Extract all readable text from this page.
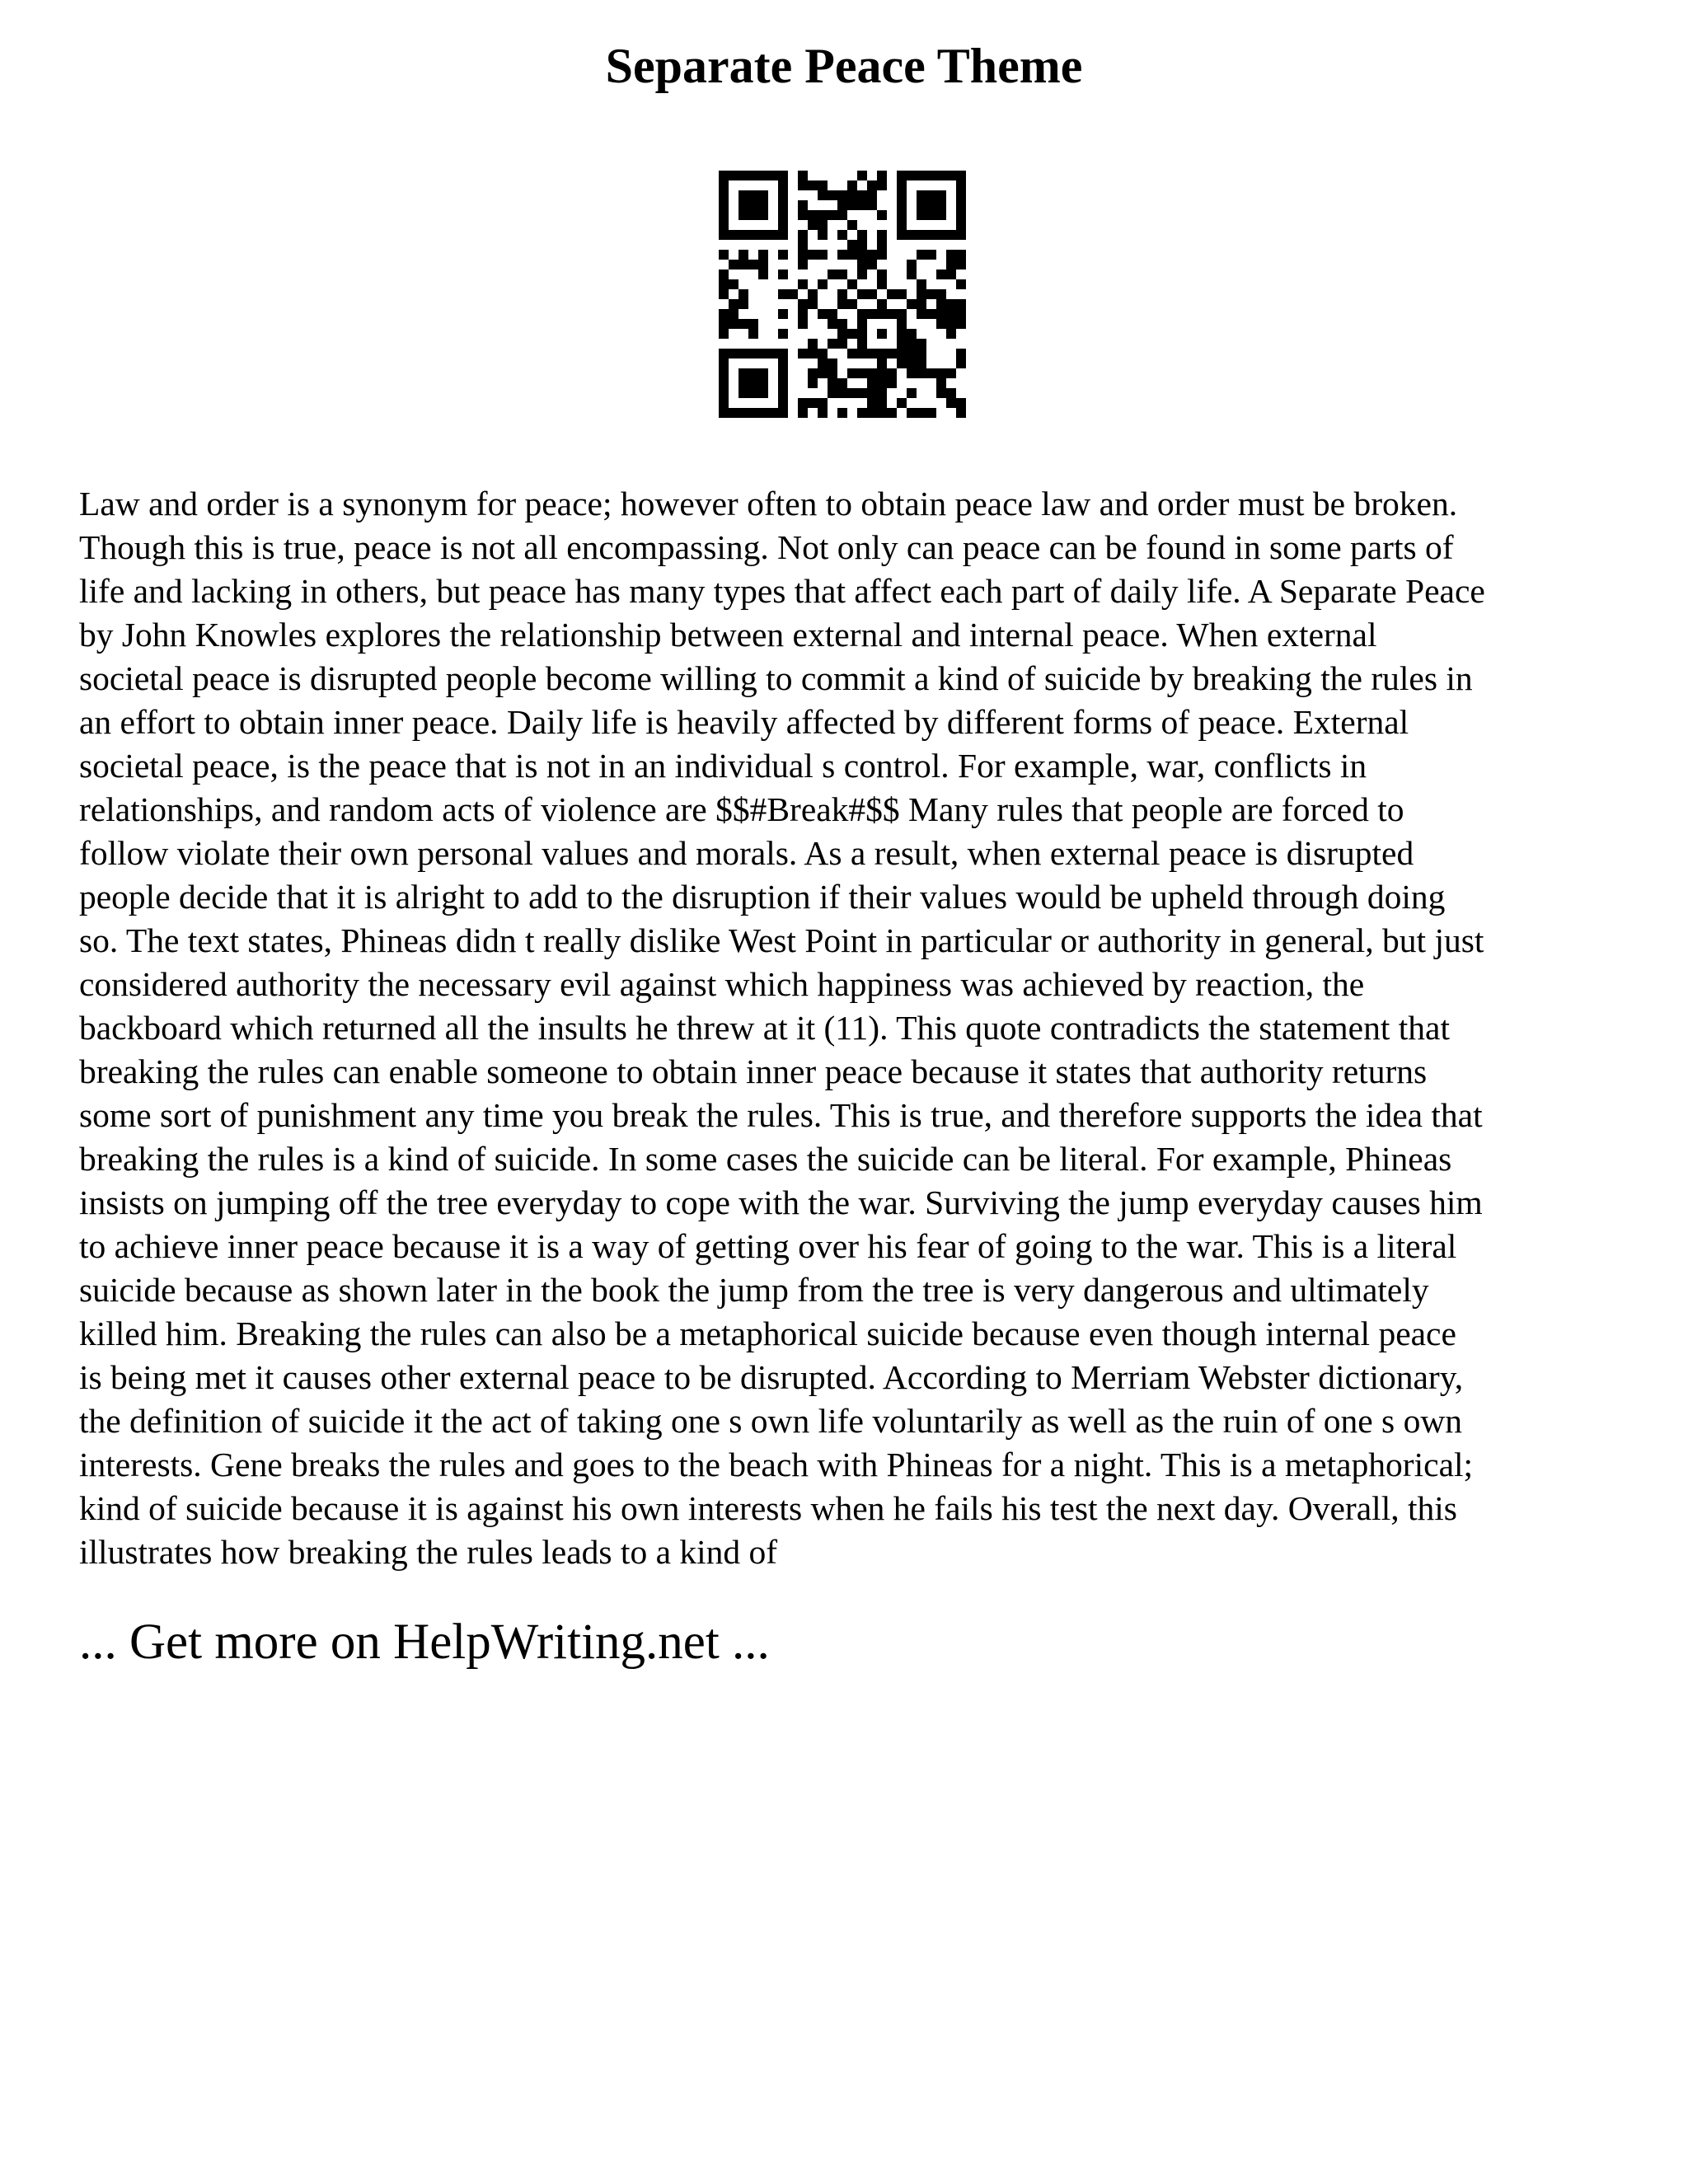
Separate Peace Theme
Law and order is a synonym for peace; however often to obtain peace law and order must be broken.
Though this is true, peace is not all encompassing. Not only can peace can be found in some parts of
life and lacking in others, but peace has many types that affect each part of daily life. A Separate Peace
by John Knowles explores the relationship between external and internal peace. When external
societal peace is disrupted people become willing to commit a kind of suicide by breaking the rules in
an effort to obtain inner peace. Daily life is heavily affected by different forms of peace. External
societal peace, is the peace that is not in an individual s control. For example, war, conflicts in
relationships, and random acts of violence are $$#Break#$$ Many rules that people are forced to
follow violate their own personal values and morals. As a result, when external peace is disrupted
people decide that it is alright to add to the disruption if their values would be upheld through doing
so. The text states, Phineas didn t really dislike West Point in particular or authority in general, but just
considered authority the necessary evil against which happiness was achieved by reaction, the
backboard which returned all the insults he threw at it (11). This quote contradicts the statement that
breaking the rules can enable someone to obtain inner peace because it states that authority returns
some sort of punishment any time you break the rules. This is true, and therefore supports the idea that
breaking the rules is a kind of suicide. In some cases the suicide can be literal. For example, Phineas
insists on jumping off the tree everyday to cope with the war. Surviving the jump everyday causes him
to achieve inner peace because it is a way of getting over his fear of going to the war. This is a literal
suicide because as shown later in the book the jump from the tree is very dangerous and ultimately
killed him. Breaking the rules can also be a metaphorical suicide because even though internal peace
is being met it causes other external peace to be disrupted. According to Merriam Webster dictionary,
the definition of suicide it the act of taking one s own life voluntarily as well as the ruin of one s own
interests. Gene breaks the rules and goes to the beach with Phineas for a night. This is a metaphorical;
kind of suicide because it is against his own interests when he fails his test the next day. Overall, this
illustrates how breaking the rules leads to a kind of
... Get more on HelpWriting.net ...
